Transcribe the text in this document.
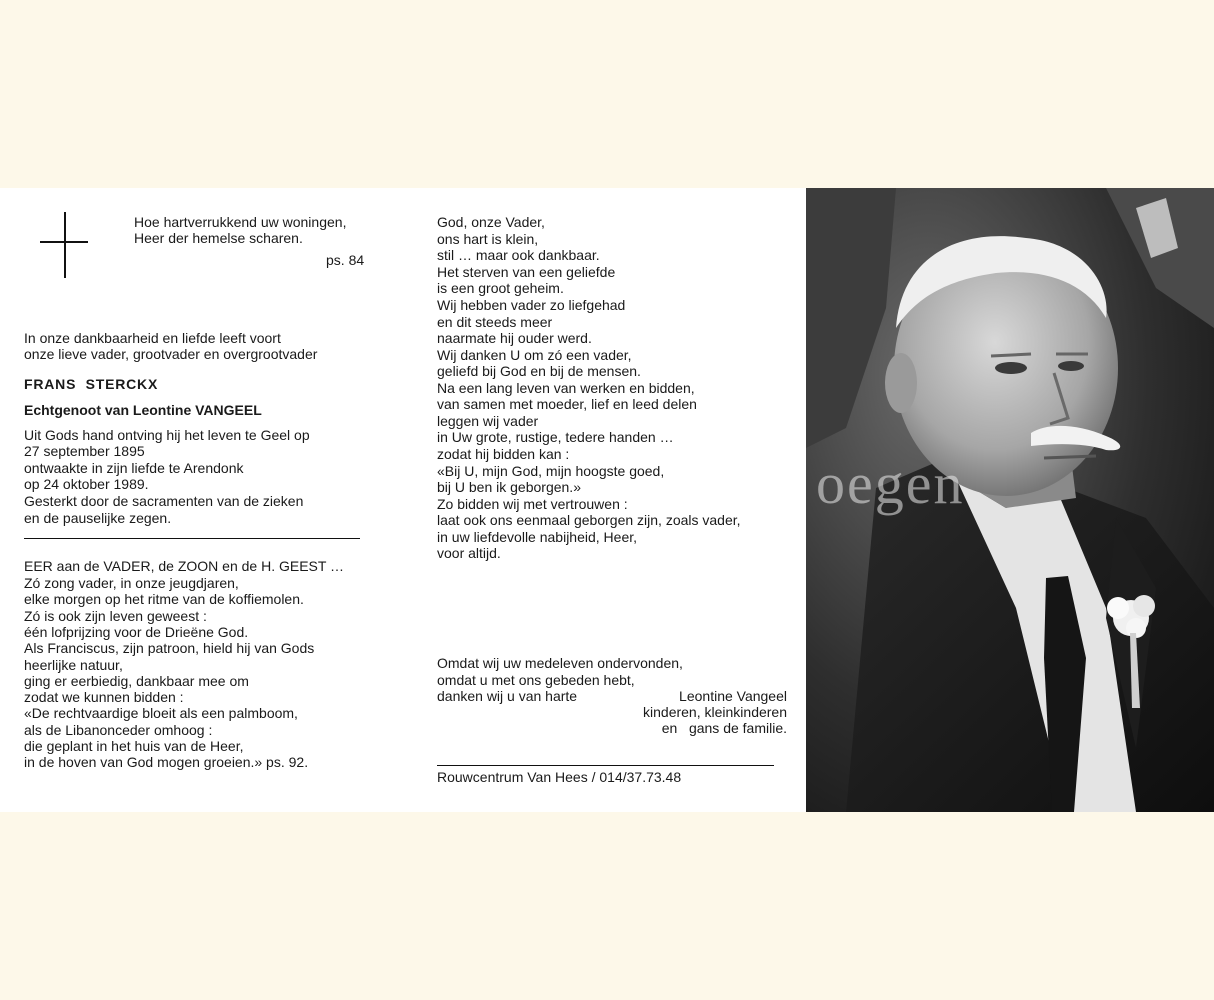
Hoe hartverrukkend uw woningen,

Heer der hemelse scharen.

ps. 84

In onze dankbaarheid en liefde leeft voort

onze lieve vader, grootvader en overgrootvader

FRANS  STERCKX

Echtgenoot van Leontine VANGEEL

Uit Gods hand ontving hij het leven te Geel op

27 september 1895

ontwaakte in zijn liefde te Arendonk

op 24 oktober 1989.

Gesterkt door de sacramenten van de zieken

en de pauselijke zegen.

EER aan de VADER, de ZOON en de H. GEEST …

Zó zong vader, in onze jeugdjaren,

elke morgen op het ritme van de koffiemolen.

Zó is ook zijn leven geweest :

één lofprijzing voor de Drieëne God.

Als Franciscus, zijn patroon, hield hij van Gods

heerlijke natuur,

ging er eerbiedig, dankbaar mee om

zodat we kunnen bidden :

«De rechtvaardige bloeit als een palmboom,

als de Libanonceder omhoog :

die geplant in het huis van de Heer,

in de hoven van God mogen groeien.» ps. 92.

God, onze Vader,

ons hart is klein,

stil … maar ook dankbaar.

Het sterven van een geliefde

is een groot geheim.

Wij hebben vader zo liefgehad

en dit steeds meer

naarmate hij ouder werd.

Wij danken U om zó een vader,

geliefd bij God en bij de mensen.

Na een lang leven van werken en bidden,

van samen met moeder, lief en leed delen

leggen wij vader

in Uw grote, rustige, tedere handen …

zodat hij bidden kan :

«Bij U, mijn God, mijn hoogste goed,

bij U ben ik geborgen.»

Zo bidden wij met vertrouwen :

laat ook ons eenmaal geborgen zijn, zoals vader,

in uw liefdevolle nabijheid, Heer,

voor altijd.

Omdat wij uw medeleven ondervonden,

omdat u met ons gebeden hebt,

danken wij u van harte	Leontine Vangeel

kinderen, kleinkinderen

en   gans de familie.

Rouwcentrum Van Hees / 014/37.73.48

oegen
